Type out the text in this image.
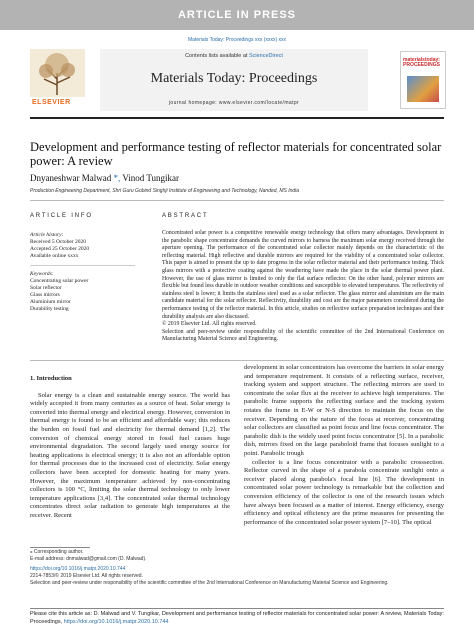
ARTICLE IN PRESS
Materials Today: Proceedings xxx (xxxx) xxx
ELSEVIER
Contents lists available at ScienceDirect
Materials Today: Proceedings
journal homepage: www.elsevier.com/locate/matpr
materialstoday: PROCEEDINGS
Development and performance testing of reflector materials for concentrated solar power: A review
Dnyaneshwar Malwad *, Vinod Tungikar
Production Engineering Department, Shri Guru Gobind Singhji Institute of Engineering and Technology, Nanded, MS India
ARTICLE INFO	ABSTRACT
Article history:
Received 5 October 2020
Accepted 25 October 2020
Available online xxxx
Keywords:
Concentrating solar power
Solar reflector
Glass mirrors
Aluminium mirror
Durability testing

Concentrated solar power is a competitive renewable energy technology that offers many advantages. Development in the parabolic shape concentrator demands the curved mirrors to harness the maximum solar energy received through the aperture opening. The performance of the concentrated solar collector mainly depends on the characteristic of the reflecting material. High reflective and durable mirrors are required for the viability of a concentrated solar collector. This paper is aimed to present the up to date progress in the solar reflector material and their performance testing. Thick glass mirrors with a protective coating against the weathering have made the place in the solar thermal power plant. However, the use of glass mirror is limited to only the flat surface reflector. On the other hand, polymer mirrors are flexible but found less durable in outdoor weather conditions and susceptible to elevated temperatures. The reflectivity of stainless steel is lower; it limits the stainless steel used as a solar reflector. The glass mirror and aluminium are the main candidate material for the solar reflector. Reflectivity, durability and cost are the major parameters considered during the performance testing of the reflector material. In this article, studies on reflective surface preparation techniques and their durability analysis are also discussed.

© 2019 Elsevier Ltd. All rights reserved.

Selection and peer-review under responsibility of the scientific committee of the 2nd International Conference on Manufacturing Material Science and Engineering.

1. Introduction

Solar energy is a clean and sustainable energy source. The world has widely accepted it from many centuries as a source of heat. Solar energy is converted into thermal energy and electrical energy. However, conversion in thermal energy is found to be an efficient and affordable way; this reduces the burden on fossil fuel and electricity for thermal demand [1,2]. The conversion of chemical energy stored in fossil fuel causes huge environmental degradation. The second largely used energy source for heating applications is electrical energy; it is also not an affordable option for thermal processes due to the increased cost of electricity. Solar energy collectors have been accepted for domestic heating for many years. However, the maximum temperature achieved by non-concentrating collectors is 100 °C, limiting the solar thermal technology to only lower temperature applications [3,4]. The concentrated solar thermal technology concentrates direct solar radiation to generate high temperatures at the receiver. Recent

development in solar concentrators has overcome the barriers in solar energy and temperature requirement. It consists of a reflecting surface, receiver, tracking system and support structure. The reflecting mirrors are used to concentrate the solar flux at the receiver to achieve high temperatures. The parabolic frame supports the reflecting surface and the tracking system rotates the frame in E-W or N-S direction to maintain the focus on the receiver. Depending on the nature of the focus at receiver, concentrating solar collectors are classified as point focus and line focus concentrator. The parabolic dish is the widely used point focus concentrator [5]. In a parabolic dish, mirrors fixed on the large paraboloid frame that focuses sunlight to a point. Parabolic trough

collector is a line focus concentrator with a parabolic crosssection. Reflector curved in the shape of a parabola concentrate sunlight onto a receiver placed along parabola's focal line [6]. The development in concentrated solar power technology is remarkable but the collection and conversion efficiency of the collector is one of the research issues which have always been focused as a matter of interest. Energy efficiency, exergy efficiency and optical efficiency are the prime measures for presenting the performance of the concentrated solar power system [7–10]. The optical

⁎ Corresponding author.
E-mail address: dnmalwad@gmail.com (D. Malwad).
https://doi.org/10.1016/j.matpr.2020.10.744
2214-7853/© 2019 Elsevier Ltd. All rights reserved.
Selection and peer-review under responsibility of the scientific committee of the 2nd International Conference on Manufacturing Material Science and Engineering.
Please cite this article as: D. Malwad and V. Tungikar, Development and performance testing of reflector materials for concentrated solar power: A review, Materials Today: Proceedings, https://doi.org/10.1016/j.matpr.2020.10.744
